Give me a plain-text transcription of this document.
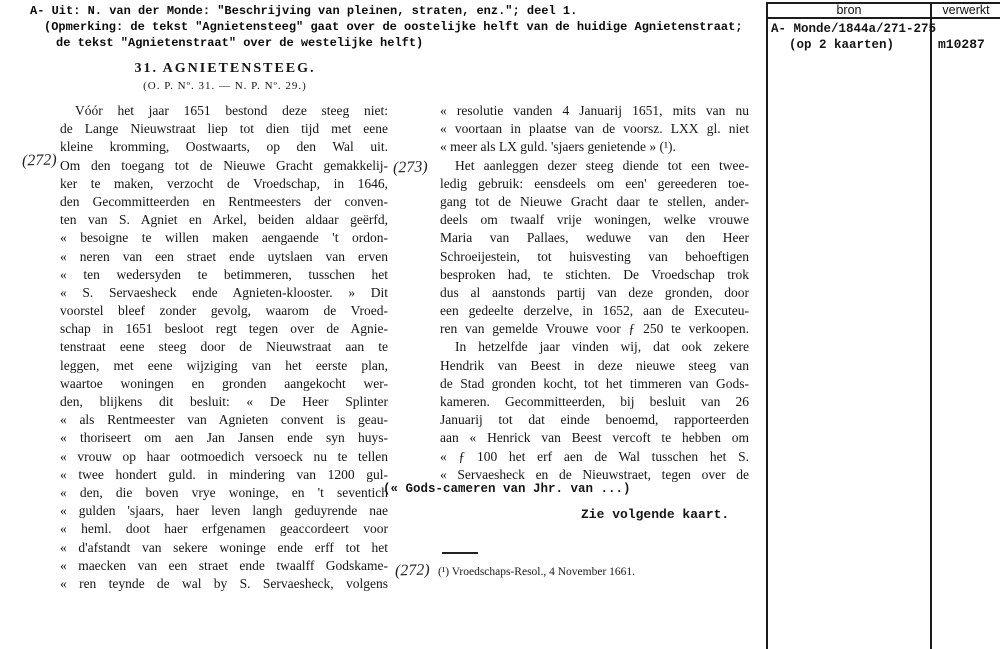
A- Uit: N. van der Monde: "Beschrijving van pleinen, straten, enz."; deel 1.
(Opmerking: de tekst "Agnietensteeg" gaat over de oostelijke helft van de huidige Agnietenstraat;
de tekst "Agnietenstraat" over de westelijke helft)
bron	verwerkt
A- Monde/1844a/271-275
(op 2 kaarten)	m10287
31. AGNIETENSTEEG.
(O. P. Nº. 31. — N. P. Nº. 29.)
(272)	(273)
(272)
Vóór het jaar 1651 bestond deze steeg niet:
de Lange Nieuwstraat liep tot dien tijd met eene
kleine kromming, Oostwaarts, op den Wal uit.
Om den toegang tot de Nieuwe Gracht gemakkelij-
ker te maken, verzocht de Vroedschap, in 1646,
den Gecommitteerden en Rentmeesters der conven-
ten van S. Agniet en Arkel, beiden aldaar geërfd,
« besoigne te willen maken aengaende 't ordon-
« neren van een straet ende uytslaen van erven
« ten wedersyden te betimmeren, tusschen het
« S. Servaesheck ende Agnieten-klooster. » Dit
voorstel bleef zonder gevolg, waarom de Vroed-
schap in 1651 besloot regt tegen over de Agnie-
tenstraat eene steeg door de Nieuwstraat aan te
leggen, met eene wijziging van het eerste plan,
waartoe woningen en gronden aangekocht wer-
den, blijkens dit besluit: « De Heer Splinter
« als Rentmeester van Agnieten convent is geau-
« thoriseert om aen Jan Jansen ende syn huys-
« vrouw op haar ootmoedich versoeck nu te tellen
« twee hondert guld. in mindering van 1200 gul-
« den, die boven vrye woninge, en 't seventich
« gulden 'sjaars, haer leven langh geduyrende nae
« heml. doot haer erfgenamen geaccordeert voor
« d'afstandt van sekere woninge ende erff tot het
« maecken van een straet ende twaalff Godskame-
« ren teynde de wal by S. Servaesheck, volgens
« resolutie vanden 4 Januarij 1651, mits van nu
« voortaan in plaatse van de voorsz. LXX gl. niet
« meer als LX guld. 'sjaers genietende » (¹).
Het aanleggen dezer steeg diende tot een twee-
ledig gebruik: eensdeels om een' gereederen toe-
gang tot de Nieuwe Gracht daar te stellen, ander-
deels om twaalf vrije woningen, welke vrouwe
Maria van Pallaes, weduwe van den Heer
Schroeijestein, tot huisvesting van behoeftigen
besproken had, te stichten. De Vroedschap trok
dus al aanstonds partij van deze gronden, door
een gedeelte derzelve, in 1652, aan de Executeu-
ren van gemelde Vrouwe voor ƒ 250 te verkoopen.
In hetzelfde jaar vinden wij, dat ook zekere
Hendrik van Beest in deze nieuwe steeg van
de Stad gronden kocht, tot het timmeren van Gods-
kameren. Gecommitteerden, bij besluit van 26
Januarij tot dat einde benoemd, rapporteerden
aan « Henrick van Beest vercoft te hebben om
« ƒ 100 het erf aen de Wal tusschen het S.
« Servaesheck en de Nieuwstraet, tegen over de
(« Gods-cameren van Jhr. van ...)
Zie volgende kaart.
(¹) Vroedschaps-Resol., 4 November 1661.
